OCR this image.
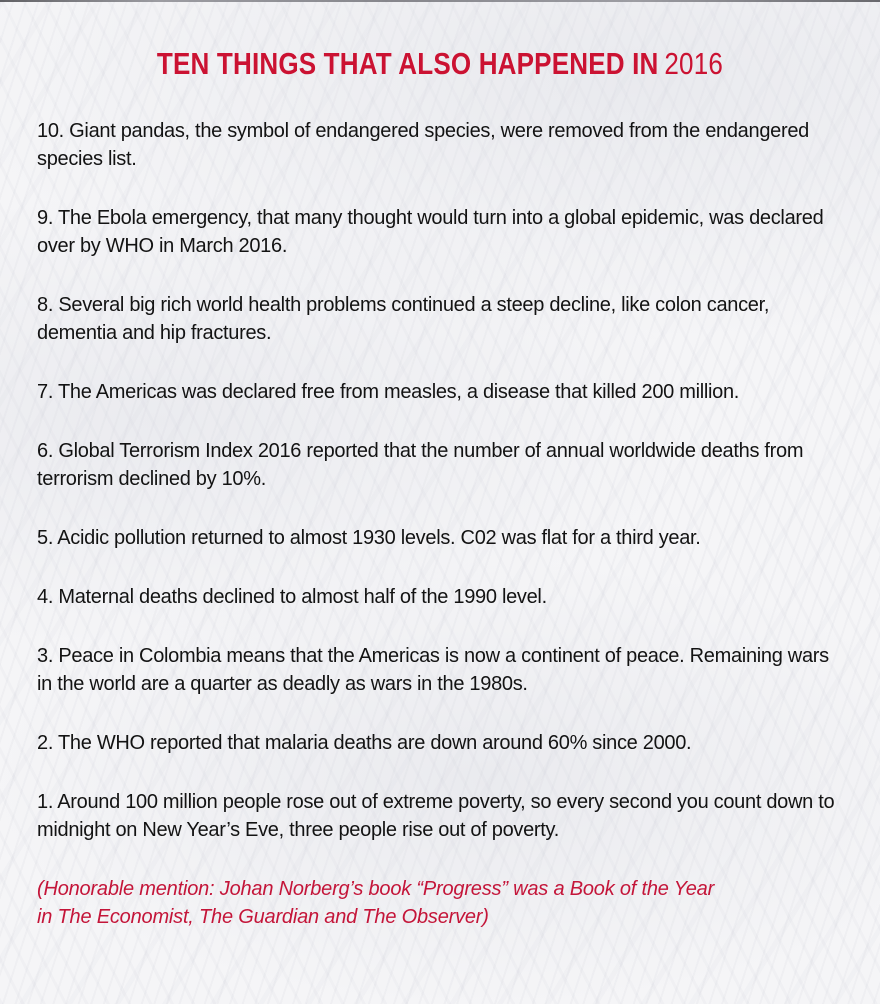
TEN THINGS THAT ALSO HAPPENED IN 2016

10. Giant pandas, the symbol of endangered species, were removed from the endangered species list.

9. The Ebola emergency, that many thought would turn into a global epidemic, was declared over by WHO in March 2016.

8. Several big rich world health problems continued a steep decline, like colon cancer, dementia and hip fractures.

7. The Americas was declared free from measles, a disease that killed 200 million.

6. Global Terrorism Index 2016 reported that the number of annual worldwide deaths from terrorism declined by 10%.

5. Acidic pollution returned to almost 1930 levels. C02 was flat for a third year.

4. Maternal deaths declined to almost half of the 1990 level.

3. Peace in Colombia means that the Americas is now a continent of peace. Remaining wars in the world are a quarter as deadly as wars in the 1980s.

2. The WHO reported that malaria deaths are down around 60% since 2000.

1. Around 100 million people rose out of extreme poverty, so every second you count down to midnight on New Year’s Eve, three people rise out of poverty.

(Honorable mention: Johan Norberg’s book “Progress” was a Book of the Year
in The Economist, The Guardian and The Observer)
